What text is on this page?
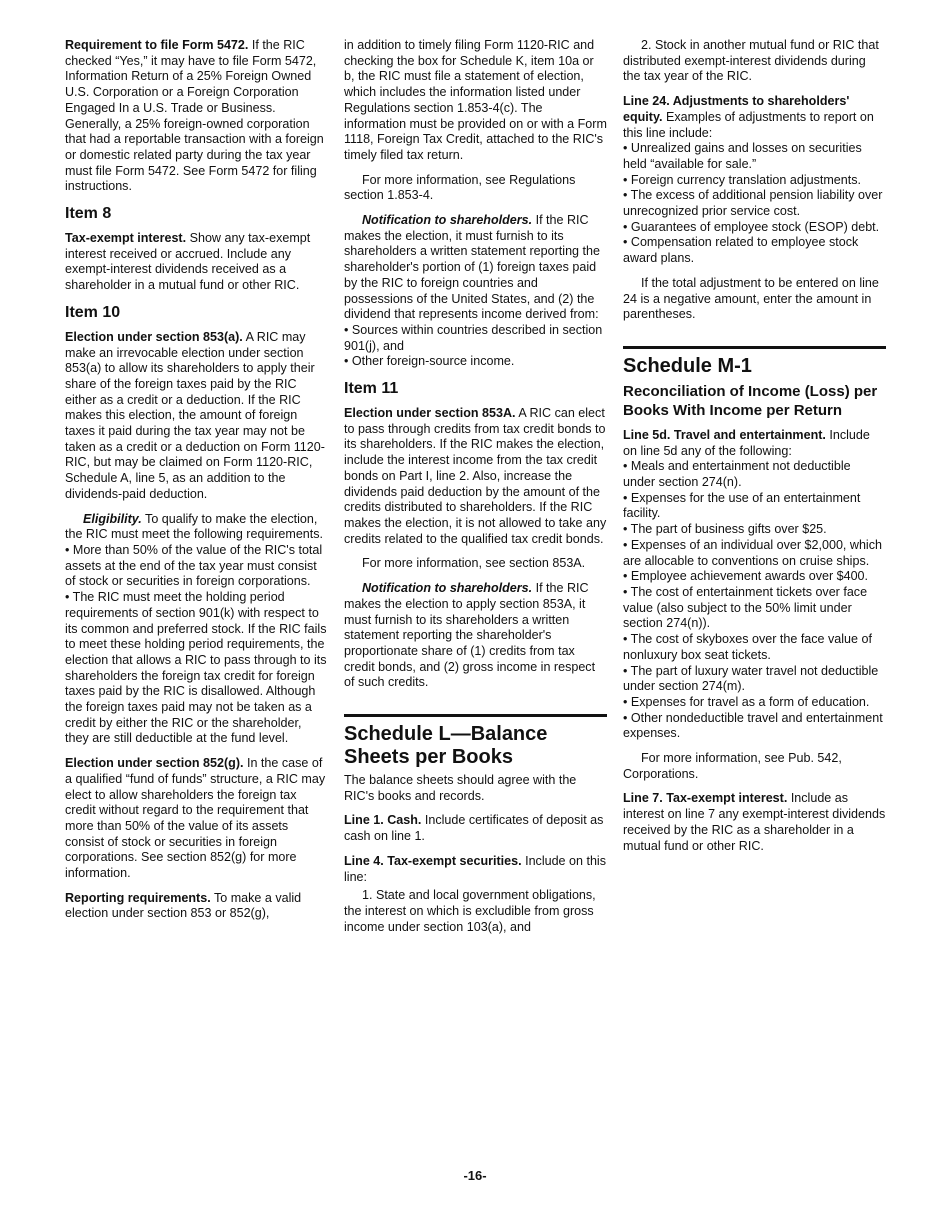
Requirement to file Form 5472. If the RIC checked “Yes,” it may have to file Form 5472, Information Return of a 25% Foreign Owned U.S. Corporation or a Foreign Corporation Engaged In a U.S. Trade or Business. Generally, a 25% foreign-owned corporation that had a reportable transaction with a foreign or domestic related party during the tax year must file Form 5472. See Form 5472 for filing instructions.

Item 8

Tax-exempt interest. Show any tax-exempt interest received or accrued. Include any exempt-interest dividends received as a shareholder in a mutual fund or other RIC.

Item 10

Election under section 853(a). A RIC may make an irrevocable election under section 853(a) to allow its shareholders to apply their share of the foreign taxes paid by the RIC either as a credit or a deduction. If the RIC makes this election, the amount of foreign taxes it paid during the tax year may not be taken as a credit or a deduction on Form 1120-RIC, but may be claimed on Form 1120-RIC, Schedule A, line 5, as an addition to the dividends-paid deduction.

Eligibility. To qualify to make the election, the RIC must meet the following requirements.

• More than 50% of the value of the RIC's total assets at the end of the tax year must consist of stock or securities in foreign corporations.

• The RIC must meet the holding period requirements of section 901(k) with respect to its common and preferred stock. If the RIC fails to meet these holding period requirements, the election that allows a RIC to pass through to its shareholders the foreign tax credit for foreign taxes paid by the RIC is disallowed. Although the foreign taxes paid may not be taken as a credit by either the RIC or the shareholder, they are still deductible at the fund level.

Election under section 852(g). In the case of a qualified “fund of funds” structure, a RIC may elect to allow shareholders the foreign tax credit without regard to the requirement that more than 50% of the value of its assets consist of stock or securities in foreign corporations. See section 852(g) for more information.

Reporting requirements. To make a valid election under section 853 or 852(g),

in addition to timely filing Form 1120-RIC and checking the box for Schedule K, item 10a or b, the RIC must file a statement of election, which includes the information listed under Regulations section 1.853-4(c). The information must be provided on or with a Form 1118, Foreign Tax Credit, attached to the RIC's timely filed tax return.

For more information, see Regulations section 1.853-4.

Notification to shareholders. If the RIC makes the election, it must furnish to its shareholders a written statement reporting the shareholder's portion of (1) foreign taxes paid by the RIC to foreign countries and possessions of the United States, and (2) the dividend that represents income derived from:

• Sources within countries described in section 901(j), and

• Other foreign-source income.

Item 11

Election under section 853A. A RIC can elect to pass through credits from tax credit bonds to its shareholders. If the RIC makes the election, include the interest income from the tax credit bonds on Part I, line 2. Also, increase the dividends paid deduction by the amount of the credits distributed to shareholders. If the RIC makes the election, it is not allowed to take any credits related to the qualified tax credit bonds.

For more information, see section 853A.

Notification to shareholders. If the RIC makes the election to apply section 853A, it must furnish to its shareholders a written statement reporting the shareholder's proportionate share of (1) credits from tax credit bonds, and (2) gross income in respect of such credits.

Schedule L—Balance Sheets per Books

The balance sheets should agree with the RIC's books and records.

Line 1. Cash. Include certificates of deposit as cash on line 1.

Line 4. Tax-exempt securities. Include on this line:

1. State and local government obligations, the interest on which is excludible from gross income under section 103(a), and

2. Stock in another mutual fund or RIC that distributed exempt-interest dividends during the tax year of the RIC.

Line 24. Adjustments to shareholders' equity. Examples of adjustments to report on this line include:

• Unrealized gains and losses on securities held “available for sale.”

• Foreign currency translation adjustments.

• The excess of additional pension liability over unrecognized prior service cost.

• Guarantees of employee stock (ESOP) debt.

• Compensation related to employee stock award plans.

If the total adjustment to be entered on line 24 is a negative amount, enter the amount in parentheses.

Schedule M-1
Reconciliation of Income (Loss) per Books With Income per Return

Line 5d. Travel and entertainment. Include on line 5d any of the following:

• Meals and entertainment not deductible under section 274(n).

• Expenses for the use of an entertainment facility.

• The part of business gifts over $25.

• Expenses of an individual over $2,000, which are allocable to conventions on cruise ships.

• Employee achievement awards over $400.

• The cost of entertainment tickets over face value (also subject to the 50% limit under section 274(n)).

• The cost of skyboxes over the face value of nonluxury box seat tickets.

• The part of luxury water travel not deductible under section 274(m).

• Expenses for travel as a form of education.

• Other nondeductible travel and entertainment expenses.

For more information, see Pub. 542, Corporations.

Line 7. Tax-exempt interest. Include as interest on line 7 any exempt-interest dividends received by the RIC as a shareholder in a mutual fund or other RIC.

-16-
